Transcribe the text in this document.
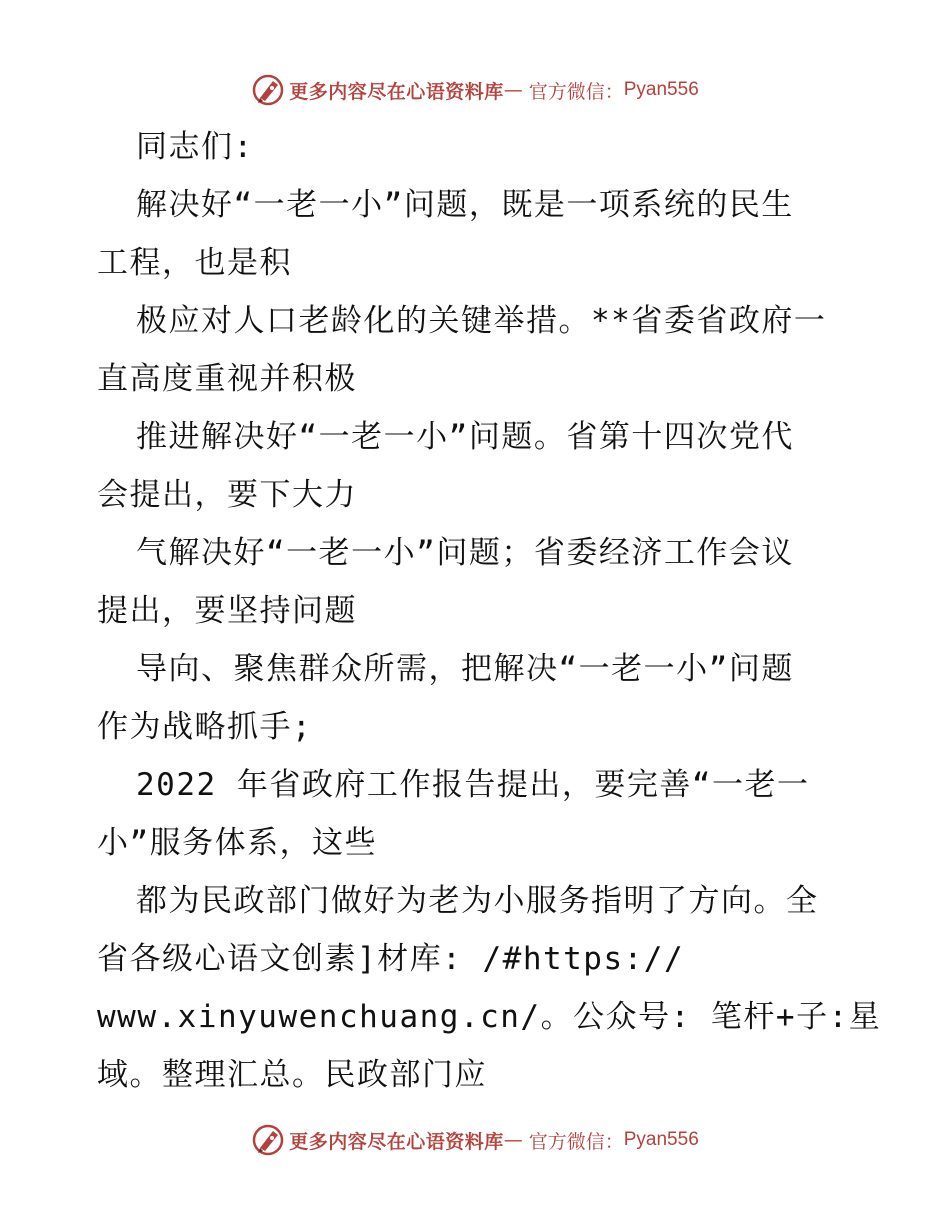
更多内容尽在心语资料库 — 官方微信： Pyan556
同志们:
解决好“一老一小”问题，既是一项系统的民生
工程，也是积
极应对人口老龄化的关键举措。**省委省政府一
直高度重视并积极
推进解决好“一老一小”问题。省第十四次党代
会提出，要下大力
气解决好“一老一小”问题；省委经济工作会议
提出，要坚持问题
导向、聚焦群众所需，把解决“一老一小”问题
作为战略抓手;
2022 年省政府工作报告提出，要完善“一老一
小”服务体系，这些
都为民政部门做好为老为小服务指明了方向。全
省各级心语文创素]材库: /#https://
www.xinyuwenchuang.cn/。公众号: 笔杆+子:星
域。整理汇总。民政部门应
更多内容尽在心语资料库 — 官方微信： Pyan556
